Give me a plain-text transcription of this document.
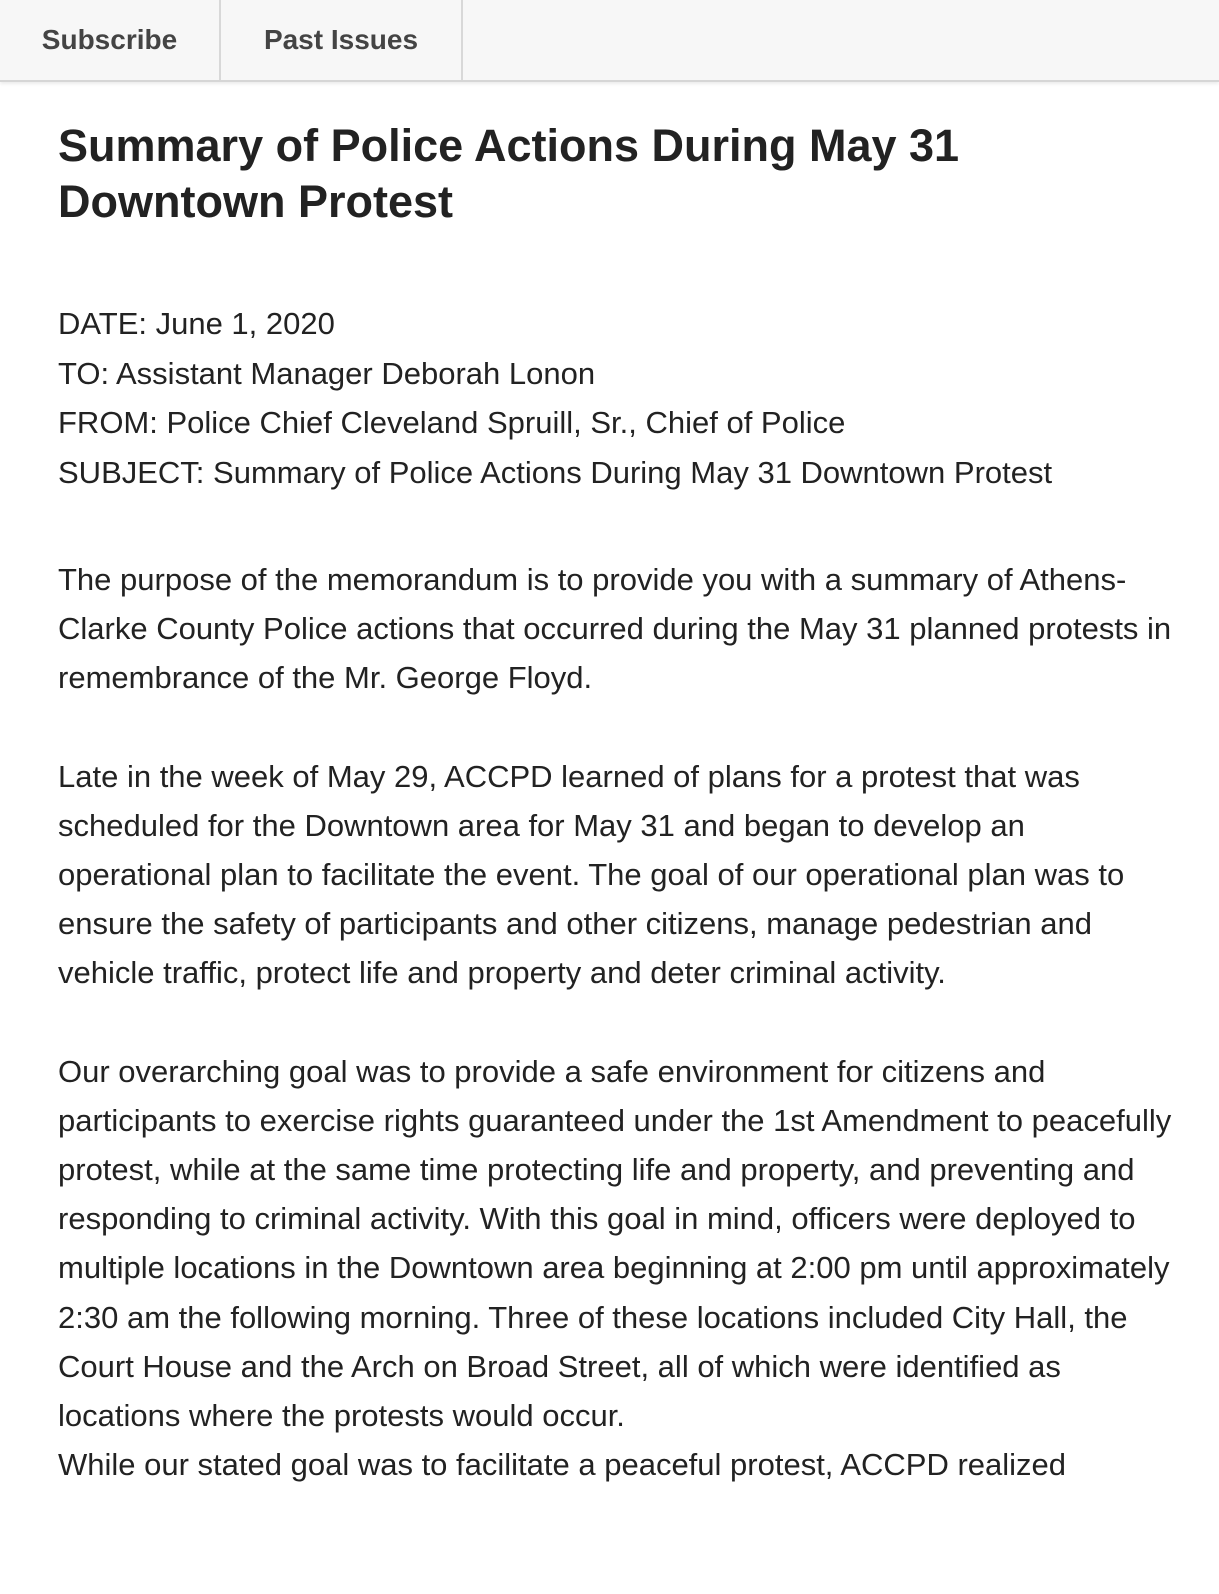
Subscribe	Past Issues
Summary of Police Actions During May 31 Downtown Protest
DATE: June 1, 2020
TO: Assistant Manager Deborah Lonon
FROM: Police Chief Cleveland Spruill, Sr., Chief of Police
SUBJECT: Summary of Police Actions During May 31 Downtown Protest

The purpose of the memorandum is to provide you with a summary of Athens-Clarke County Police actions that occurred during the May 31 planned protests in remembrance of the Mr. George Floyd.

Late in the week of May 29, ACCPD learned of plans for a protest that was scheduled for the Downtown area for May 31 and began to develop an operational plan to facilitate the event. The goal of our operational plan was to ensure the safety of participants and other citizens, manage pedestrian and vehicle traffic, protect life and property and deter criminal activity.

Our overarching goal was to provide a safe environment for citizens and participants to exercise rights guaranteed under the 1st Amendment to peacefully protest, while at the same time protecting life and property, and preventing and responding to criminal activity. With this goal in mind, officers were deployed to multiple locations in the Downtown area beginning at 2:00 pm until approximately 2:30 am the following morning. Three of these locations included City Hall, the Court House and the Arch on Broad Street, all of which were identified as locations where the protests would occur.

While our stated goal was to facilitate a peaceful protest, ACCPD realized
